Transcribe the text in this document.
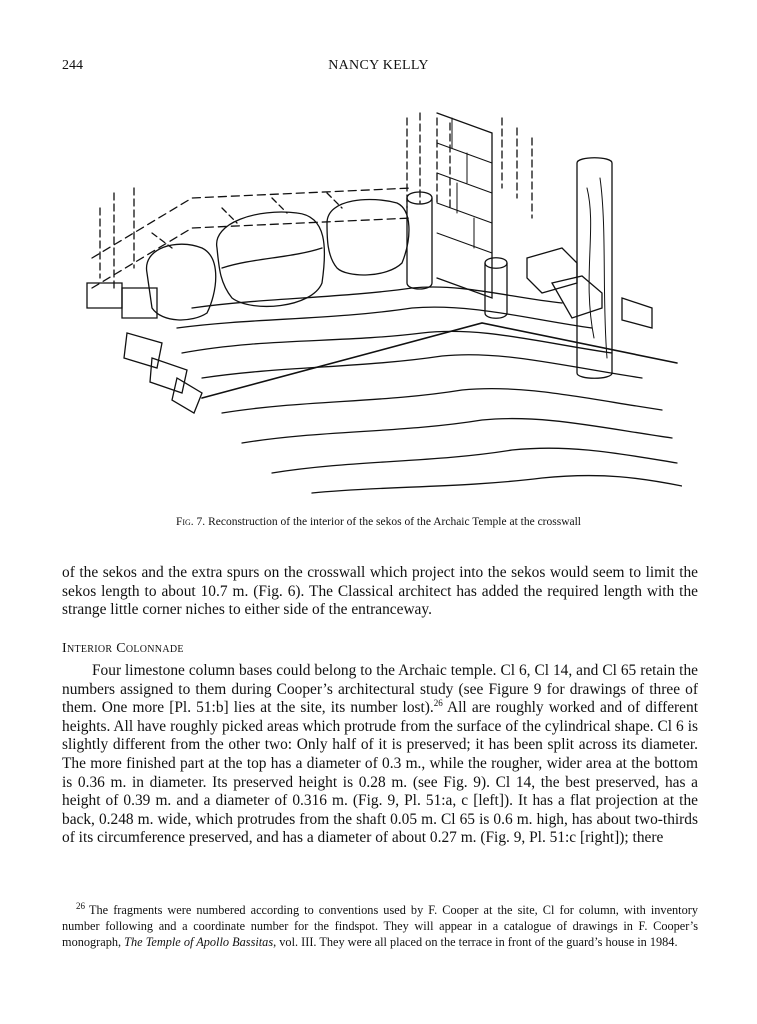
244	NANCY KELLY
Fig. 7. Reconstruction of the interior of the sekos of the Archaic Temple at the crosswall
of the sekos and the extra spurs on the crosswall which project into the sekos would seem to limit the sekos length to about 10.7 m. (Fig. 6). The Classical architect has added the required length with the strange little corner niches to either side of the entranceway.
Interior Colonnade
Four limestone column bases could belong to the Archaic temple. Cl 6, Cl 14, and Cl 65 retain the numbers assigned to them during Cooper’s architectural study (see Figure 9 for drawings of three of them. One more [Pl. 51:b] lies at the site, its number lost).$^{26}$ All are roughly worked and of different heights. All have roughly picked areas which protrude from the surface of the cylindrical shape. Cl 6 is slightly different from the other two: Only half of it is preserved; it has been split across its diameter. The more finished part at the top has a diameter of 0.3 m., while the rougher, wider area at the bottom is 0.36 m. in diameter. Its preserved height is 0.28 m. (see Fig. 9). Cl 14, the best preserved, has a height of 0.39 m. and a diameter of 0.316 m. (Fig. 9, Pl. 51:a, c [left]). It has a flat projection at the back, 0.248 m. wide, which protrudes from the shaft 0.05 m. Cl 65 is 0.6 m. high, has about two-thirds of its circumference preserved, and has a diameter of about 0.27 m. (Fig. 9, Pl. 51:c [right]); there
$^{26}$ The fragments were numbered according to conventions used by F. Cooper at the site, Cl for column, with inventory number following and a coordinate number for the findspot. They will appear in a catalogue of drawings in F. Cooper’s monograph, The Temple of Apollo Bassitas, vol. III. They were all placed on the terrace in front of the guard’s house in 1984.
